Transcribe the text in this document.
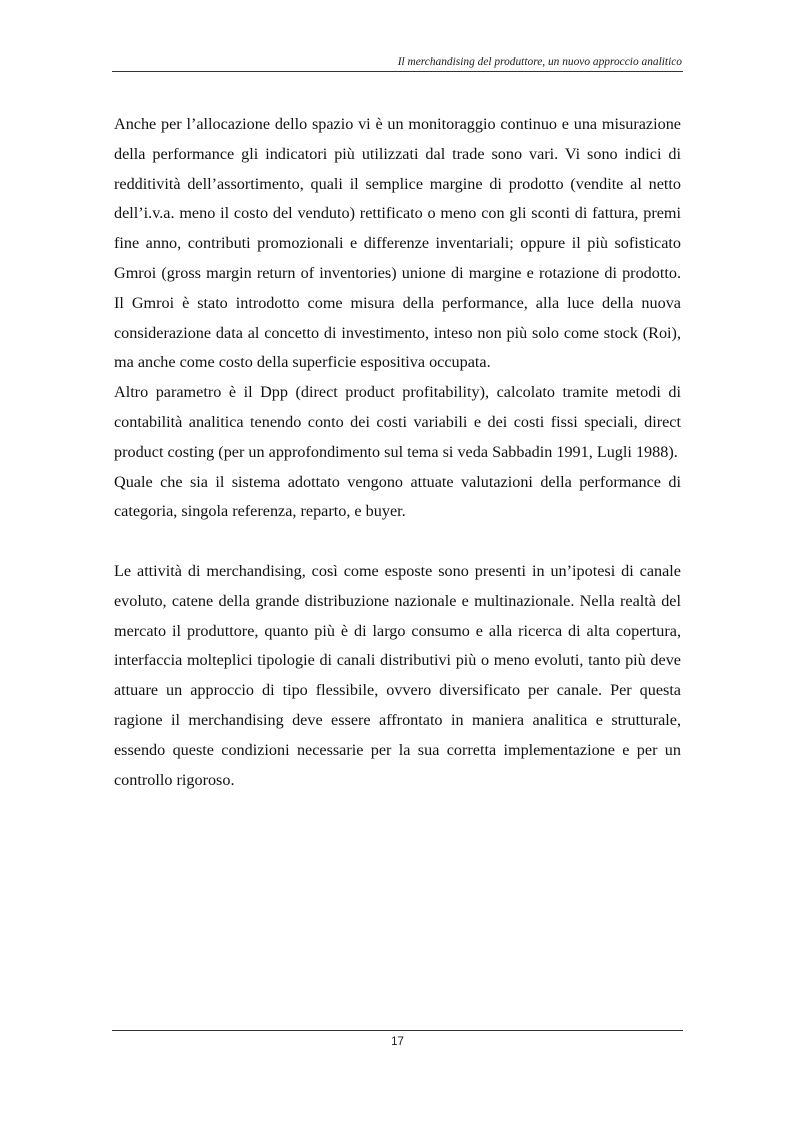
Il merchandising del produttore, un nuovo approccio analitico

Anche per l’allocazione dello spazio vi è un monitoraggio continuo e una misurazione della performance gli indicatori più utilizzati dal trade sono vari. Vi sono indici di redditività dell’assortimento, quali il semplice margine di prodotto (vendite al netto dell’i.v.a. meno il costo del venduto) rettificato o meno con gli sconti di fattura, premi fine anno, contributi promozionali e differenze inventariali; oppure il più sofisticato Gmroi (gross margin return of inventories) unione di margine e rotazione di prodotto. Il Gmroi è stato introdotto come misura della performance, alla luce della nuova considerazione data al concetto di investimento, inteso non più solo come stock (Roi), ma anche come costo della superficie espositiva occupata.

Altro parametro è il Dpp (direct product profitability), calcolato tramite metodi di contabilità analitica tenendo conto dei costi variabili e dei costi fissi speciali, direct product costing (per un approfondimento sul tema si veda Sabbadin 1991, Lugli 1988).

Quale che sia il sistema adottato vengono attuate valutazioni della performance di categoria, singola referenza, reparto, e buyer.

Le attività di merchandising, così come esposte sono presenti in un’ipotesi di canale evoluto, catene della grande distribuzione nazionale e multinazionale. Nella realtà del mercato il produttore, quanto più è di largo consumo e alla ricerca di alta copertura, interfaccia molteplici tipologie di canali distributivi più o meno evoluti, tanto più deve attuare un approccio di tipo flessibile, ovvero diversificato per canale. Per questa ragione il merchandising deve essere affrontato in maniera analitica e strutturale, essendo queste condizioni necessarie per la sua corretta implementazione e per un controllo rigoroso.

17
